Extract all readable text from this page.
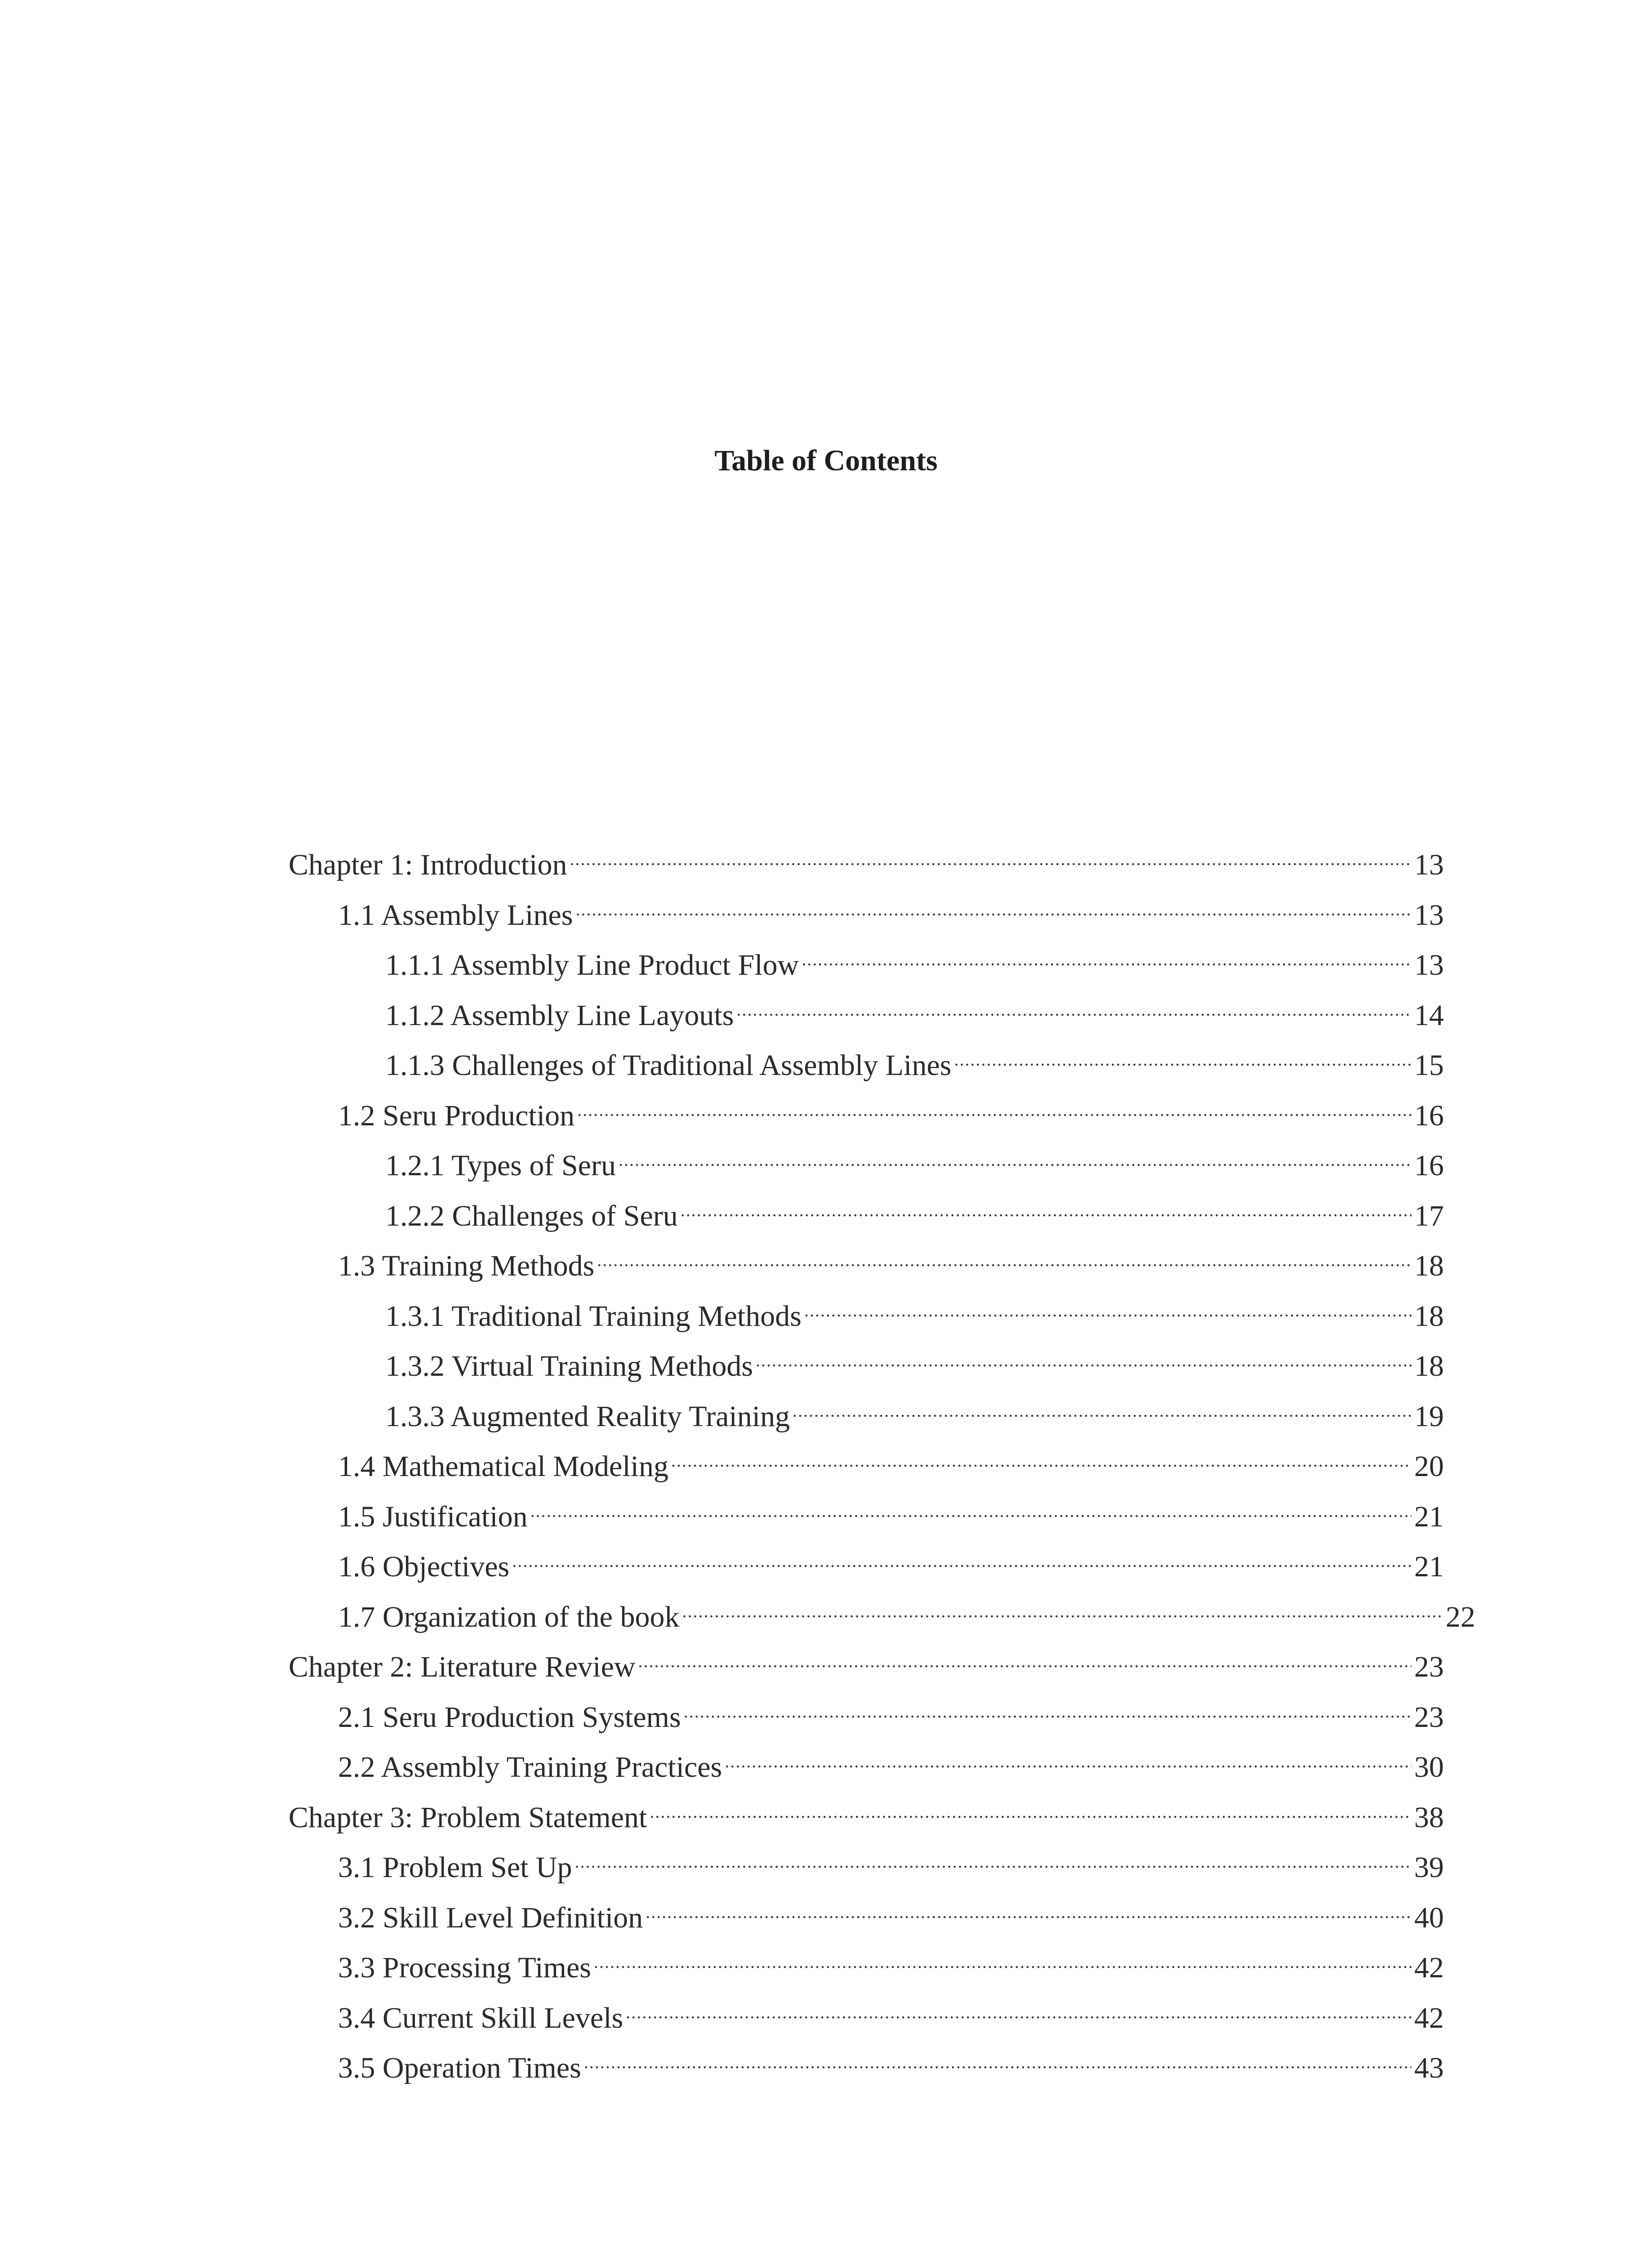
Table of Contents
Chapter 1: Introduction .....	13
1.1 Assembly Lines .....	13
1.1.1 Assembly Line Product Flow .....	13
1.1.2 Assembly Line Layouts .....	14
1.1.3 Challenges of Traditional Assembly Lines .....	15
1.2 Seru Production .....	16
1.2.1 Types of Seru .....	16
1.2.2 Challenges of Seru .....	17
1.3 Training Methods .....	18
1.3.1 Traditional Training Methods .....	18
1.3.2 Virtual Training Methods .....	18
1.3.3 Augmented Reality Training .....	19
1.4 Mathematical Modeling .....	20
1.5 Justification .....	21
1.6 Objectives .....	21
1.7 Organization of the book .....	22
Chapter 2: Literature Review .....	23
2.1 Seru Production Systems .....	23
2.2 Assembly Training Practices .....	30
Chapter 3: Problem Statement .....	38
3.1 Problem Set Up .....	39
3.2 Skill Level Definition .....	40
3.3 Processing Times .....	42
3.4 Current Skill Levels .....	42
3.5 Operation Times .....	43
